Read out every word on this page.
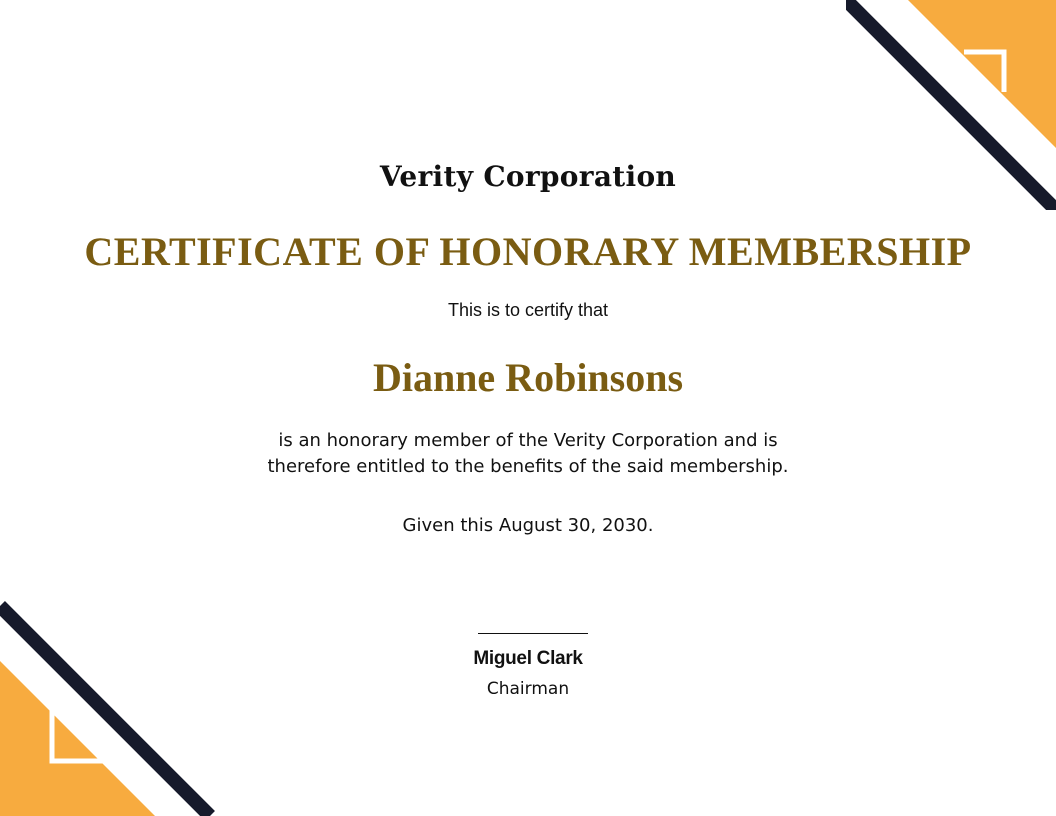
Verity Corporation
CERTIFICATE OF HONORARY MEMBERSHIP
This is to certify that
Dianne Robinsons
is an honorary member of the Verity Corporation and is
therefore entitled to the benefits of the said membership.
Given this August 30, 2030.
Miguel Clark
Chairman
